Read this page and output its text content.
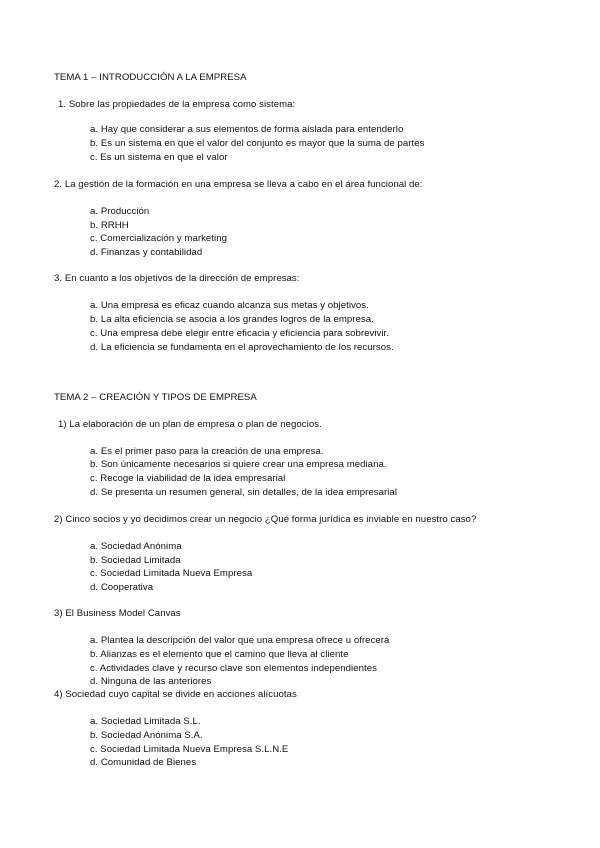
TEMA 1 – INTRODUCCIÓN A LA EMPRESA
1. Sobre las propiedades de la empresa como sistema:
a. Hay que considerar a sus elementos de forma aislada para entenderlo
b. Es un sistema en que el valor del conjunto es mayor que la suma de partes
c. Es un sistema en que el valor
2. La gestión de la formación en una empresa se lleva a cabo en el área funcional de:
a. Producción
b. RRHH
c. Comercialización y marketing
d. Finanzas y contabilidad
3. En cuanto a los objetivos de la dirección de empresas:
a. Una empresa es eficaz cuando alcanza sus metas y objetivos.
b. La alta eficiencia se asocia a los grandes logros de la empresa.
c. Una empresa debe elegir entre eficacia y eficiencia para sobrevivir.
d. La eficiencia se fundamenta en el aprovechamiento de los recursos.
TEMA 2 – CREACIÓN Y TIPOS DE EMPRESA
1) La elaboración de un plan de empresa o plan de negocios.
a. Es el primer paso para la creación de una empresa.
b. Son únicamente necesarios si quiere crear una empresa mediana.
c. Recoge la viabilidad de la idea empresarial
d. Se presenta un resumen general, sin detalles, de la idea empresarial
2) Cinco socios y yo decidimos crear un negocio ¿Qué forma jurídica es inviable en nuestro caso?
a. Sociedad Anónima
b. Sociedad Limitada
c. Sociedad Limitada Nueva Empresa
d. Cooperativa
3) El Business Model Canvas
a. Plantea la descripción del valor que una empresa ofrece u ofrecerá
b. Alianzas es el elemento que el camino que lleva al cliente
c. Actividades clave y recurso clave son elementos independientes
d. Ninguna de las anteriores
4) Sociedad cuyo capital se divide en acciones alícuotas
a. Sociedad Limitada S.L.
b. Sociedad Anónima S.A.
c. Sociedad Limitada Nueva Empresa S.L.N.E
d. Comunidad de Bienes
